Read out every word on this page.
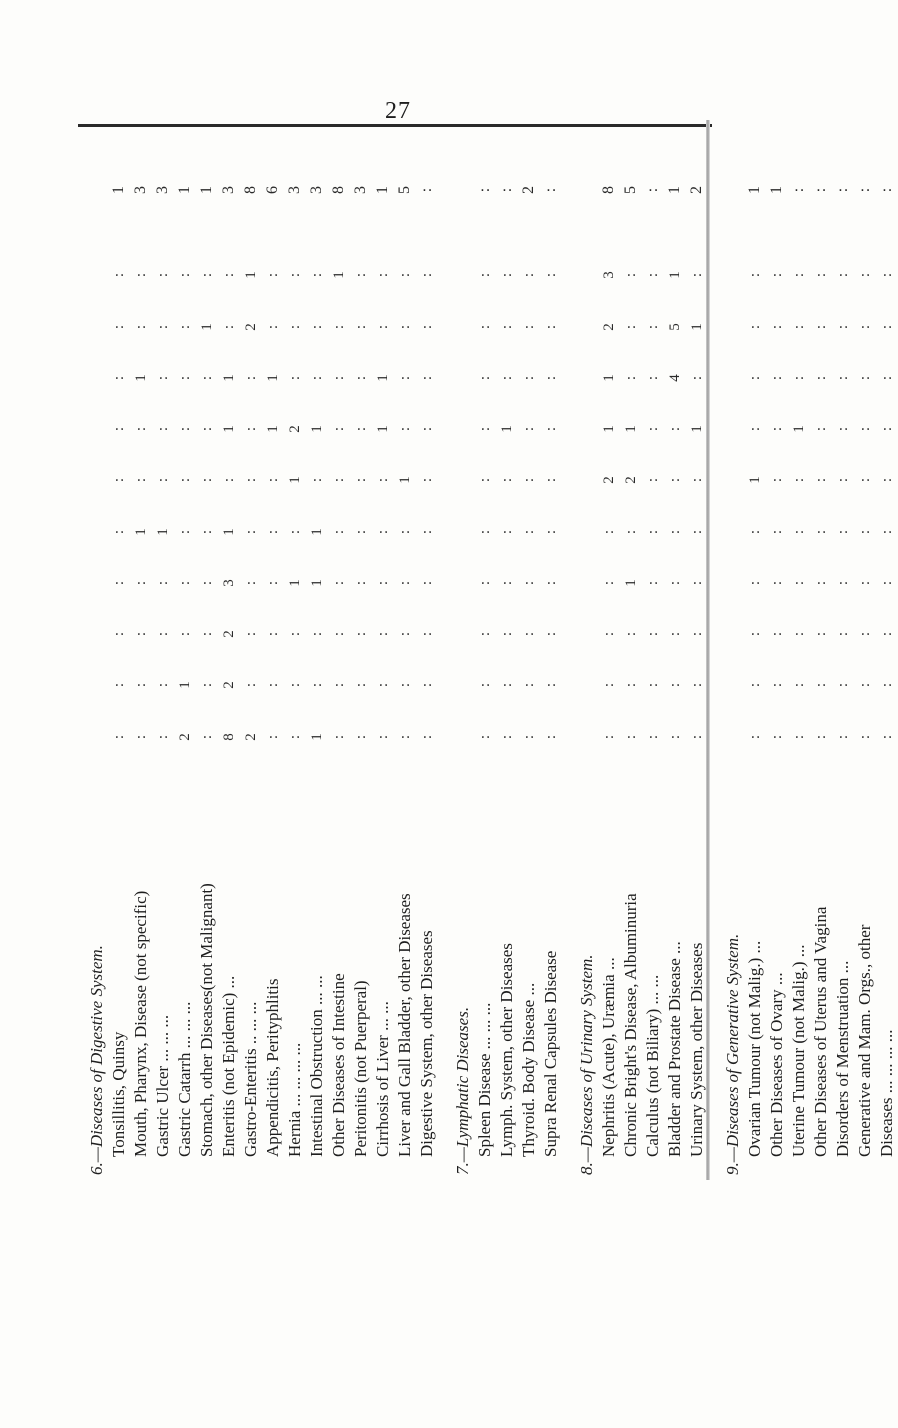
27
6.—Diseases of Digestive System. Tonsillitis, Quinsy
:
:
:
:
:
:
:
:
:
:
1
Mouth, Pharynx, Disease (not specific)
:
:
:
:
1
:
:
1
:
:
3
Gastric Ulcer ... ... ...
:
:
:
:
1
:
:
:
:
:
3
Gastric Catarrh ... ... ...
2
1
:
:
:
:
:
:
:
:
1
Stomach, other Diseases(not Malignant)
:
:
:
:
:
:
:
:
1
:
1
Enteritis (not Epidemic) ...
8
2
2
3
1
:
1
1
:
:
3
Gastro-Enteritis .. ... ...
2
:
:
:
:
:
:
:
2
1
8
Appendicitis, Perityphlitis
:
:
:
:
:
:
1
1
:
:
6
Hernia ... ... ... ...
:
:
:
1
:
1
2
:
:
:
3
Intestinal Obstruction ... ...
1
:
:
1
1
:
1
:
:
:
3
Other Diseases of Intestine
:
:
:
:
:
:
:
:
:
1
8
Peritonitis (not Puerperal)
:
:
:
:
:
:
:
:
:
:
3
Cirrhosis of Liver ... ...
:
:
:
:
:
:
1
1
:
:
1
Liver and Gall Bladder, other Diseases
:
:
:
:
:
1
:
:
:
:
5
Digestive System, other Diseases
:
:
:
:
:
:
:
:
:
:
:
7.—Lymphatic Diseases. Spleen Disease ... ... ...
:
:
:
:
:
:
:
:
:
:
:
Lymph. System, other Diseases
:
:
:
:
:
:
1
:
:
:
:
Thyroid. Body Disease ...
:
:
:
:
:
:
:
:
:
:
2
Supra Renal Capsules Disease
:
:
:
:
:
:
:
:
:
:
:
8.—Diseases of Urinary System. Nephritis (Acute), Uræmia ...
:
:
:
:
:
2
1
1
2
3
8
Chronic Bright's Disease, Albuminuria
:
:
:
1
:
2
1
:
:
:
5
Calculus (not Biliary) ... ...
:
:
:
:
:
:
:
:
:
:
:
Bladder and Prostate Disease ...
:
:
:
:
:
:
:
4
5
1
1
Urinary System, other Diseases
:
:
:
:
:
:
1
:
1
:
2
9.—Diseases of Generative System. Ovarian Tumour (not Malig.) ...
:
:
:
:
:
1
:
:
:
:
1
Other Diseases of Ovary ...
:
:
:
:
:
:
:
:
:
:
1
Uterine Tumour (not Malig.) ...
:
:
:
:
:
:
1
:
:
:
:
Other Diseases of Uterus and Vagina
:
:
:
:
:
:
:
:
:
:
:
Disorders of Menstruation ...
:
:
:
:
:
:
:
:
:
:
:
Generative and Mam. Orgs., other
:
:
:
:
:
:
:
:
:
:
:
Diseases ... ... ... ...
:
:
:
:
:
:
:
:
:
:
:
